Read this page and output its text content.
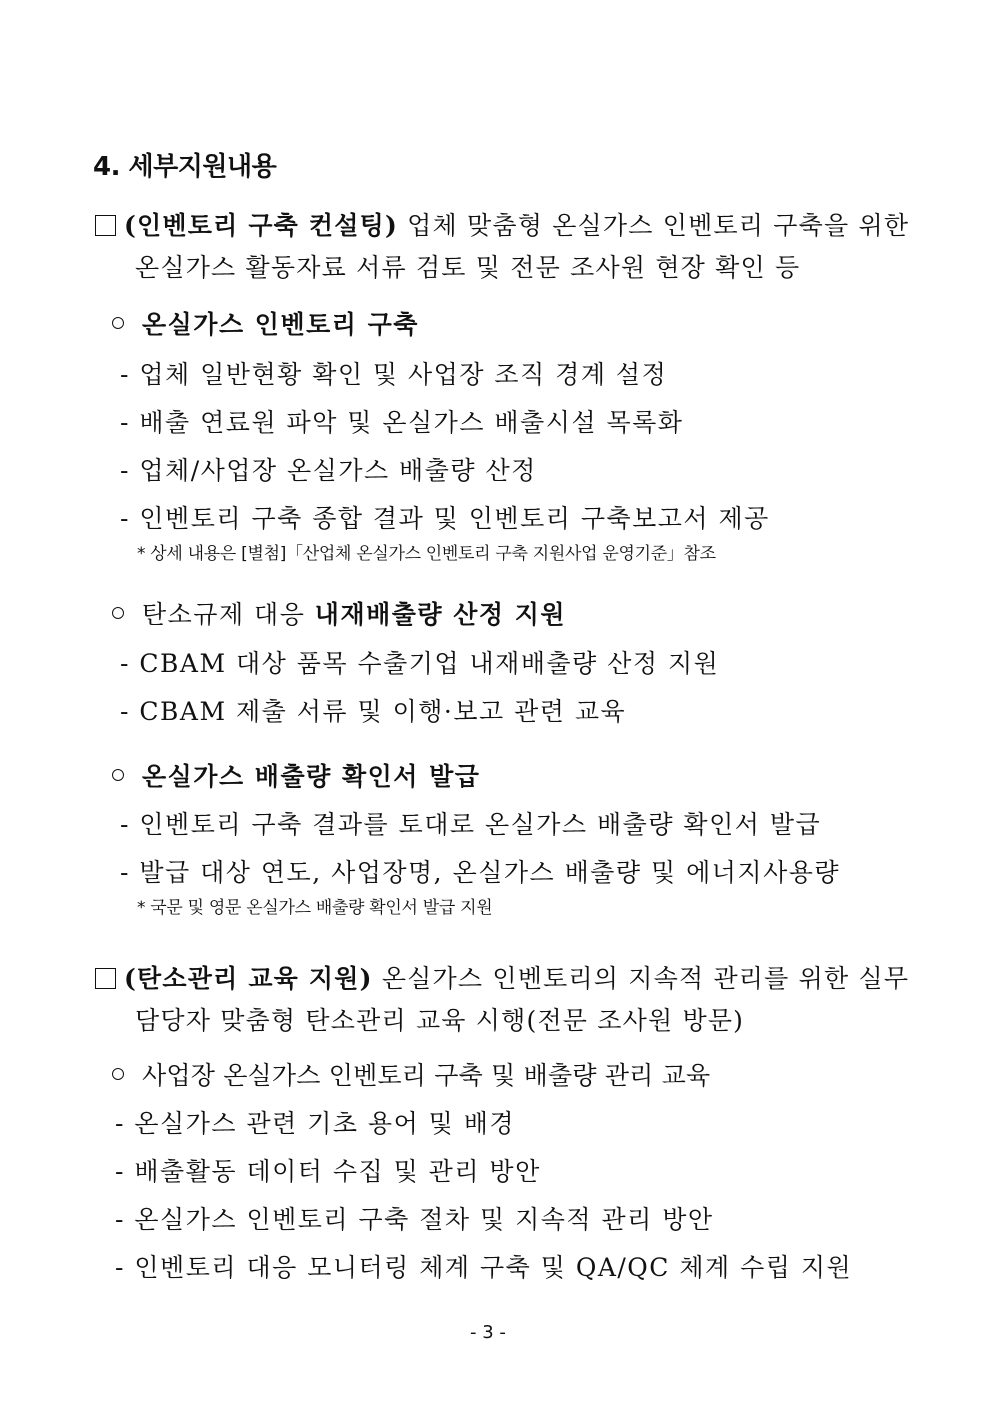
4. 세부지원내용
(인벤토리 구축 컨설팅) 업체 맞춤형 온실가스 인벤토리 구축을 위한
온실가스 활동자료 서류 검토 및 전문 조사원 현장 확인 등
온실가스 인벤토리 구축
- 업체 일반현황 확인 및 사업장 조직 경계 설정
- 배출 연료원 파악 및 온실가스 배출시설 목록화
- 업체/사업장 온실가스 배출량 산정
- 인벤토리 구축 종합 결과 및 인벤토리 구축보고서 제공
* 상세 내용은 [별첨]「산업체 온실가스 인벤토리 구축 지원사업 운영기준」참조
탄소규제 대응 내재배출량 산정 지원
- CBAM 대상 품목 수출기업 내재배출량 산정 지원
- CBAM 제출 서류 및 이행·보고 관련 교육
온실가스 배출량 확인서 발급
- 인벤토리 구축 결과를 토대로 온실가스 배출량 확인서 발급
- 발급 대상 연도, 사업장명, 온실가스 배출량 및 에너지사용량
* 국문 및 영문 온실가스 배출량 확인서 발급 지원
(탄소관리 교육 지원) 온실가스 인벤토리의 지속적 관리를 위한 실무
담당자 맞춤형 탄소관리 교육 시행(전문 조사원 방문)
사업장 온실가스 인벤토리 구축 및 배출량 관리 교육
- 온실가스 관련 기초 용어 및 배경
- 배출활동 데이터 수집 및 관리 방안
- 온실가스 인벤토리 구축 절차 및 지속적 관리 방안
- 인벤토리 대응 모니터링 체계 구축 및 QA/QC 체계 수립 지원
- 3 -
